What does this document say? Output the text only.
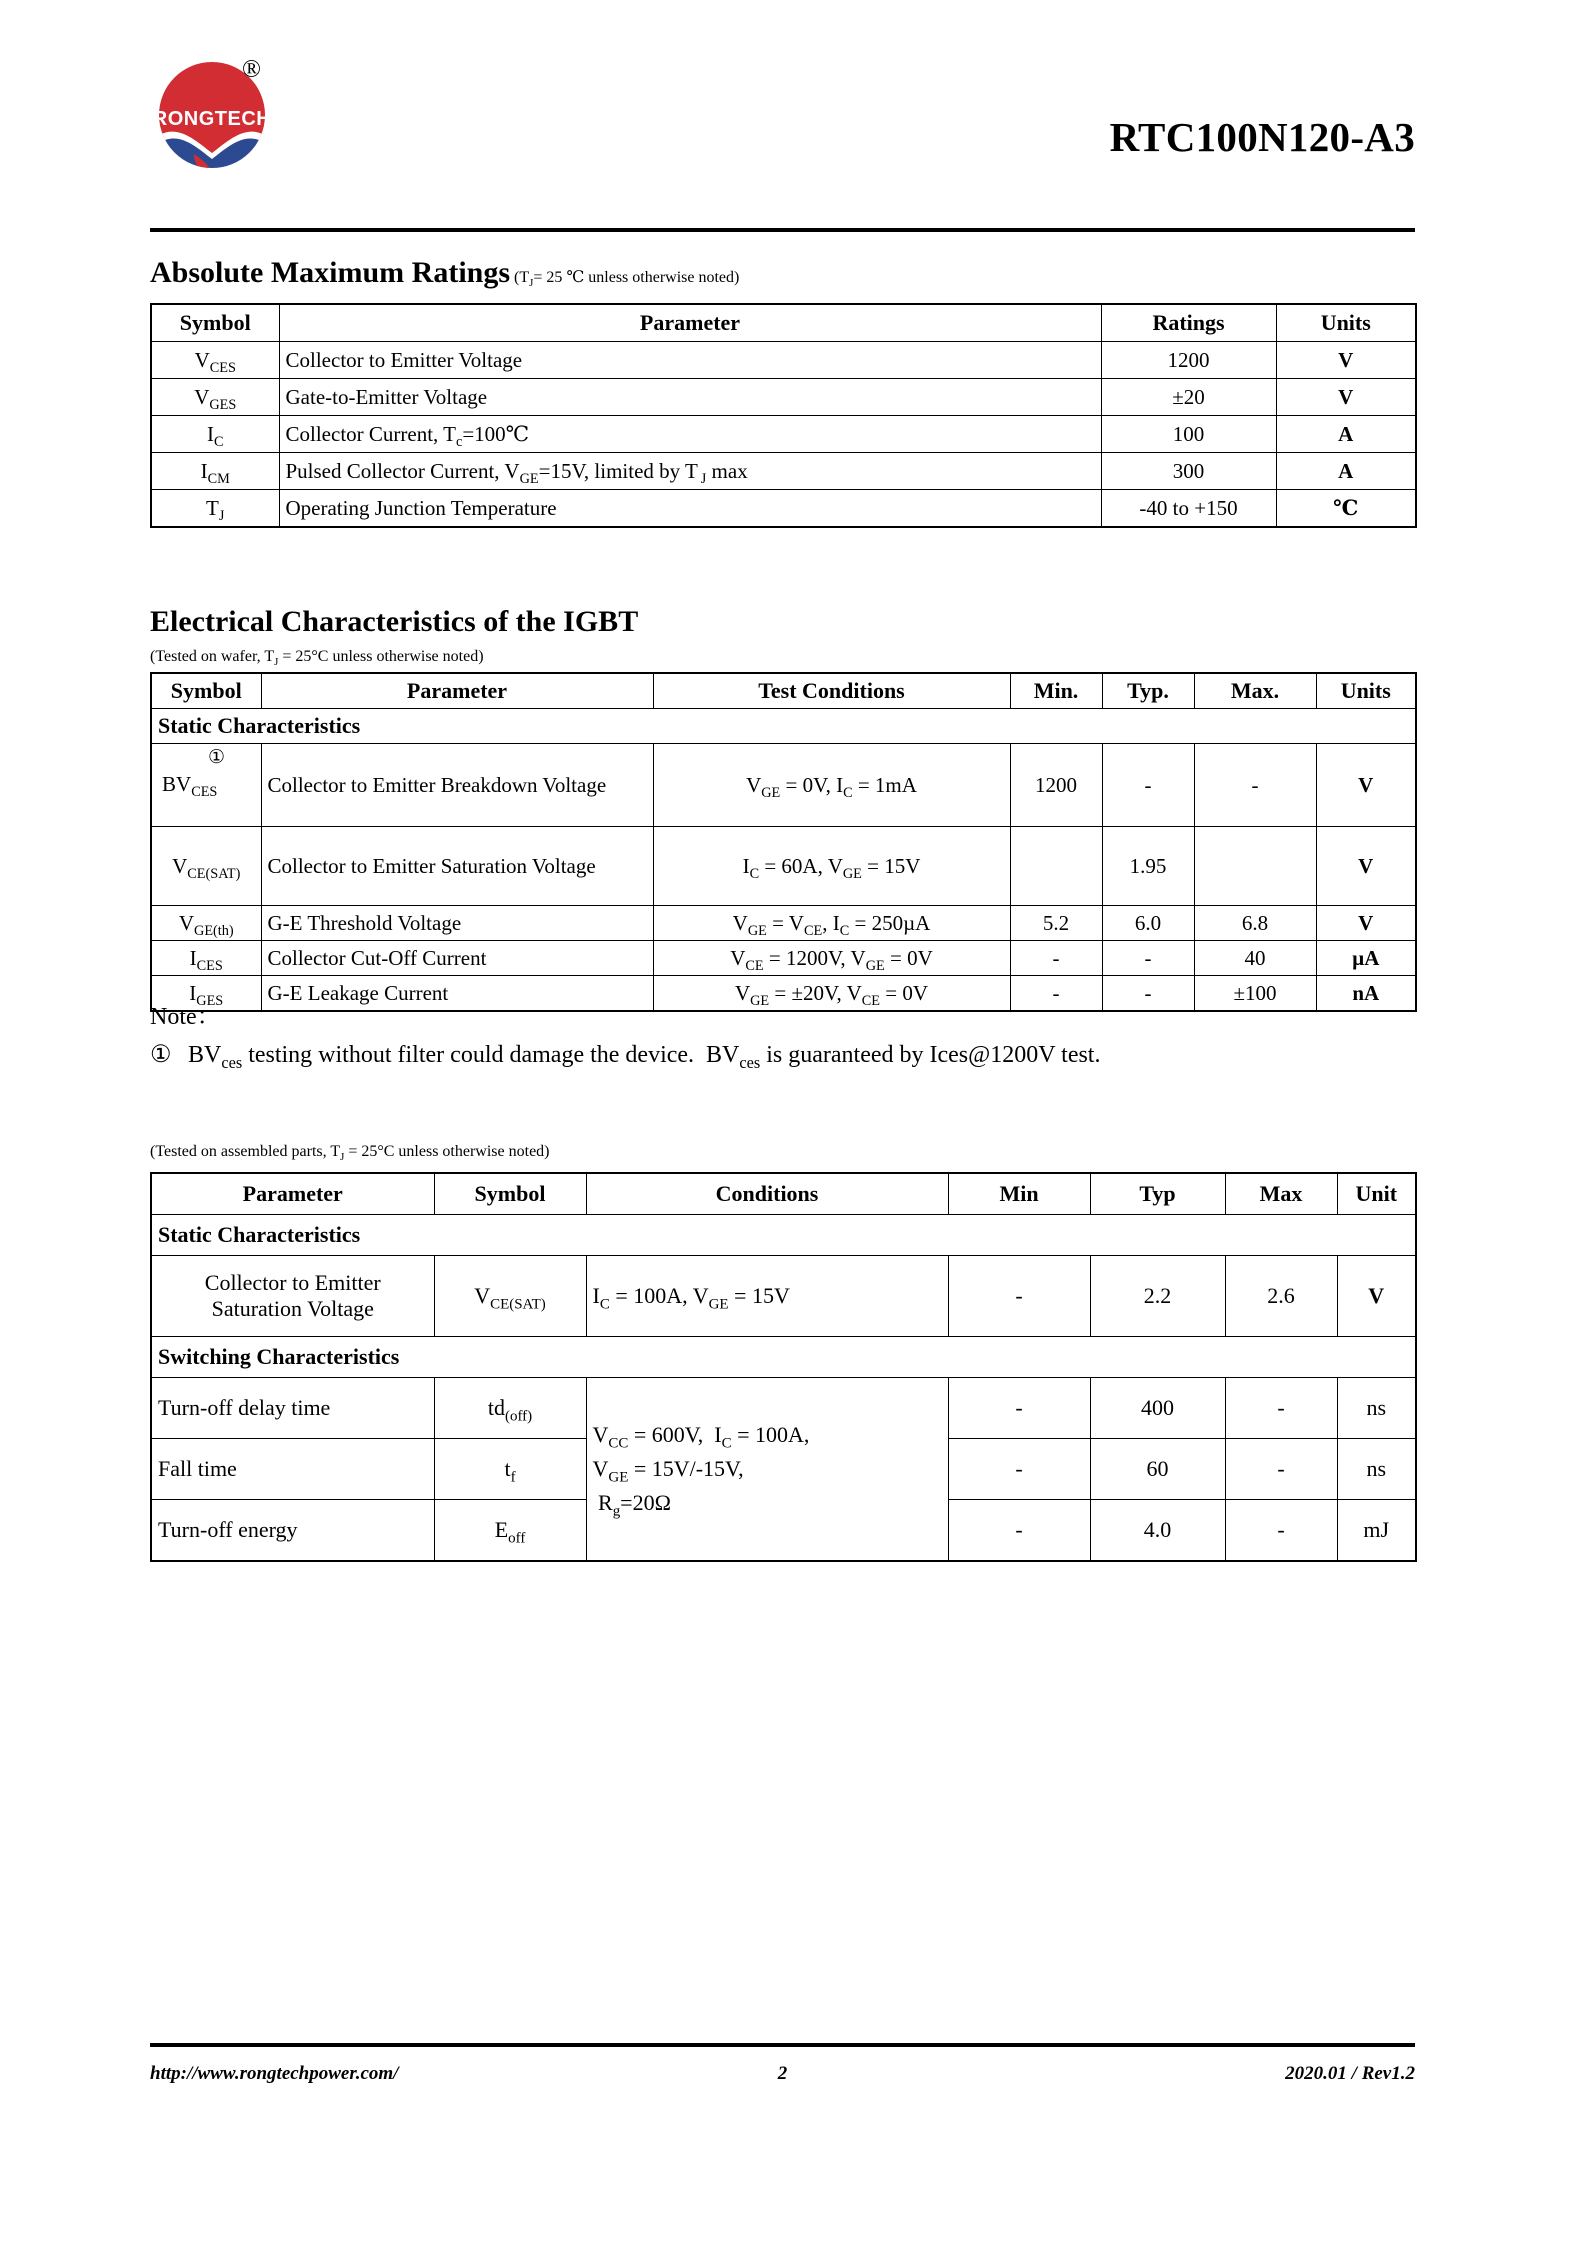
RONGTECH
®
RTC100N120-A3
Absolute Maximum Ratings ($T_J= 25$ ℃ unless otherwise noted)
Symbol	Parameter	Ratings	Units
$V_{CES}$	Collector to Emitter Voltage	1200	V
$V_{GES}$	Gate-to-Emitter Voltage	±20	V
$I_C$	Collector Current, $T_c=100℃$	100	A
$I_{CM}$	Pulsed Collector Current, $V_{GE}=15V$, limited by T $_J$ max	300	A
$T_J$	Operating Junction Temperature	-40 to +150	℃
Electrical Characteristics of the IGBT
(Tested on wafer, $T_J = 25^\circ C$ unless otherwise noted)
Symbol	Parameter	Test Conditions	Min.	Typ.	Max.	Units
Static Characteristics						

①
$BV_{CES}$	Collector to Emitter Breakdown Voltage	$V_{GE} = 0V$, $I_C = 1mA$	1200	-	-	V
$V_{CE(SAT)}$	Collector to Emitter Saturation Voltage	$I_C = 60A$, $V_{GE} = 15V$		1.95		V
$V_{GE(th)}$	G-E Threshold Voltage	$V_{GE} = V_{CE}$, $I_C = 250\mu A$	5.2	6.0	6.8	V
$I_{CES}$	Collector Cut-Off Current	$V_{CE} = 1200V$, $V_{GE} = 0V$	-	-	40	µA
$I_{GES}$	G-E Leakage Current	$V_{GE} = \pm 20V$, $V_{CE} = 0V$	-	-	±100	nA
Note：
①  $BV_{ces}$ testing without filter could damage the device.  $BV_{ces}$ is guaranteed by Ices@1200V test.
(Tested on assembled parts, $T_J = 25^\circ C$ unless otherwise noted)
Parameter	Symbol	Conditions	Min	Typ	Max	Unit
Static Characteristics						
Collector to Emitter Saturation Voltage	$V_{CE(SAT)}$	$I_C = 100A$, $V_{GE} = 15V$	-	2.2	2.6	V
Switching Characteristics						
Turn-off delay time	$td_{(off)}$	$V_{CC} = 600V$,  $I_C = 100A$,
$V_{GE} = 15V/-15V$,
$R_g=20\Omega$	-	400	-	ns
Fall time	$t_f$		-	60	-	ns
Turn-off energy	$E_{off}$		-	4.0	-	mJ
http://www.rongtechpower.com/	2	2020.01 / Rev1.2
